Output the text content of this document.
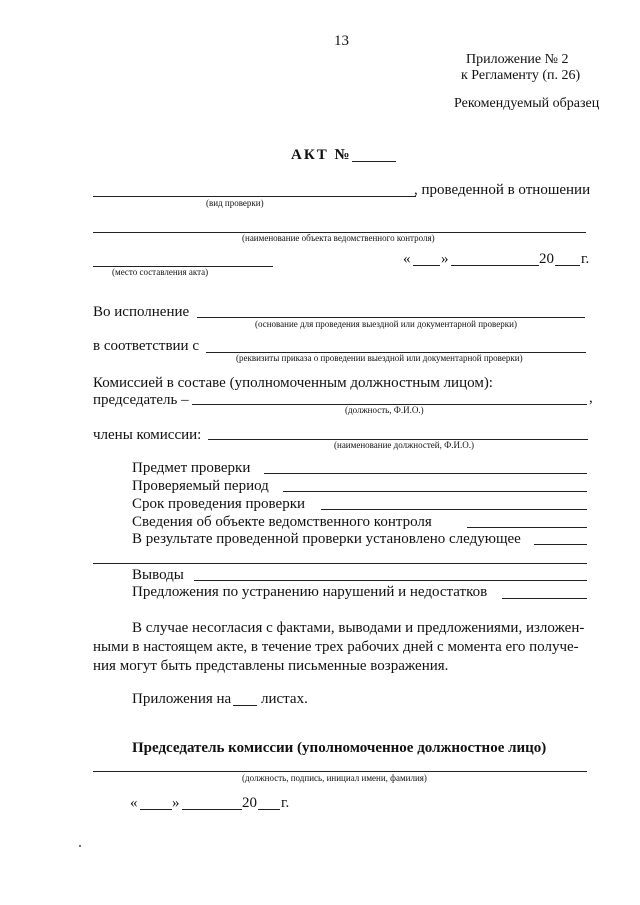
13
Приложение № 2
к Регламенту (п. 26)
Рекомендуемый образец
АКТ №
, проведенной в отношении
(вид проверки)
(наименование объекта ведомственного контроля)
(место составления акта)
« »	20 г.
Во исполнение
(основание для проведения выездной или документарной проверки)
в соответствии с
(реквизиты приказа о проведении выездной или документарной проверки)
Комиссией в составе (уполномоченным должностным лицом):
председатель –	,
(должность, Ф.И.О.)
члены комиссии:
(наименование должностей, Ф.И.О.)
Предмет проверки
Проверяемый период
Срок проведения проверки
Сведения об объекте ведомственного контроля
В результате проведенной проверки установлено следующее
Выводы
Предложения по устранению нарушений и недостатков
В случае несогласия с фактами, выводами и предложениями, изложен-
ными в настоящем акте, в течение трех рабочих дней с момента его получе-
ния могут быть представлены письменные возражения.
Приложения на листах.
Председатель комиссии (уполномоченное должностное лицо)
(должность, подпись, инициал имени, фамилия)
« »	20 г.
